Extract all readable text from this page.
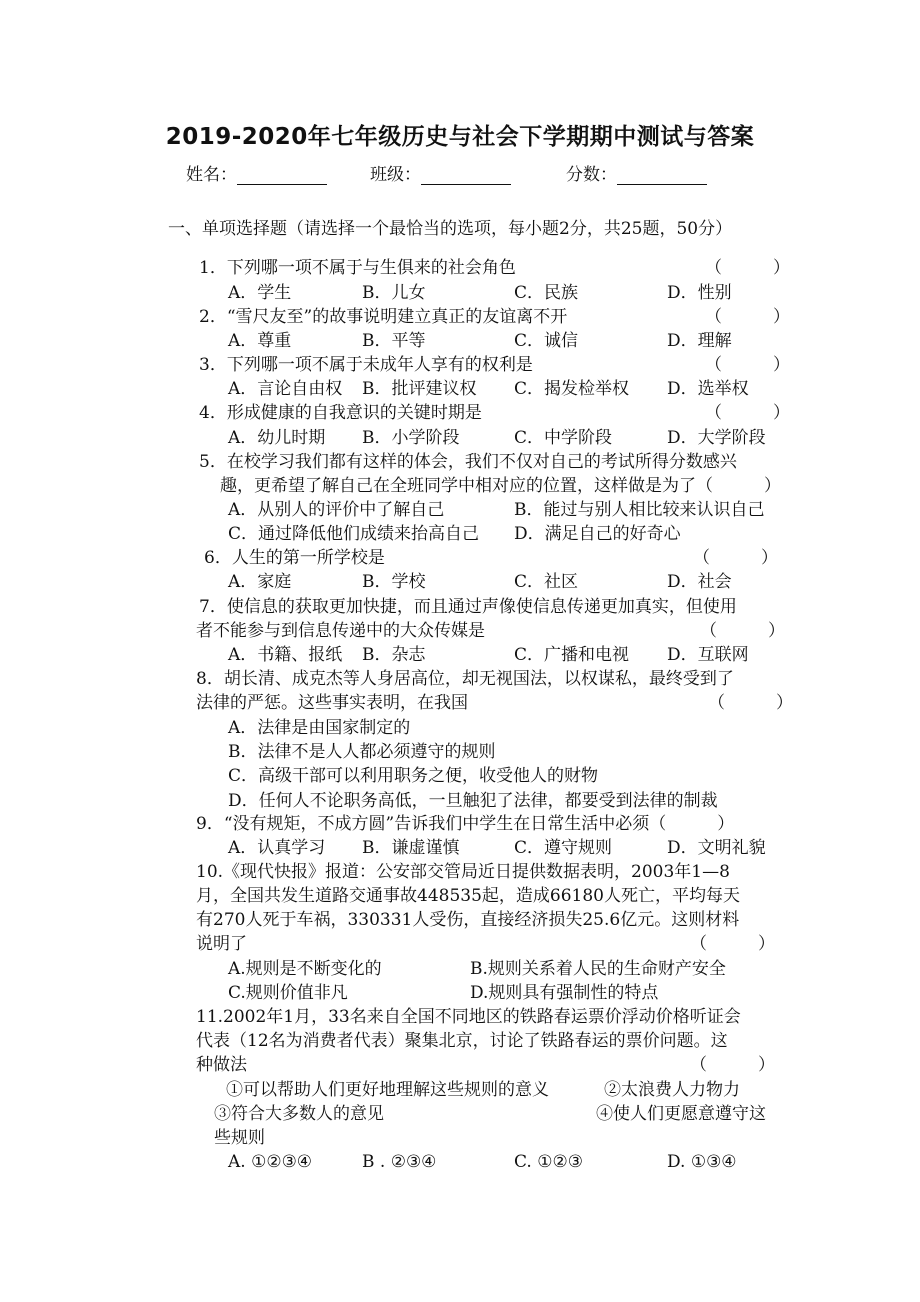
2019-2020年七年级历史与社会下学期期中测试与答案
姓名：	班级：	分数：
一、单项选择题（请选择一个最恰当的选项，每小题2分，共25题，50分）
1．下列哪一项不属于与生俱来的社会角色	（　　　）
A．学生	B．儿女	C．民族	D．性别
2．“雪尺友至”的故事说明建立真正的友谊离不开	（　　　）
A．尊重	B．平等	C．诚信	D．理解
3．下列哪一项不属于未成年人享有的权利是	（　　　）
A．言论自由权 B．批评建议权 C．揭发检举权 D．选举权
4．形成健康的自我意识的关键时期是	（　　　）
A．幼儿时期 B．小学阶段	C．中学阶段	D．大学阶段
5．在校学习我们都有这样的体会，我们不仅对自己的考试所得分数感兴
趣，更希望了解自己在全班同学中相对应的位置，这样做是为了（　　　）
A．从别人的评价中了解自己	B．能过与别人相比较来认识自己
C．通过降低他们成绩来抬高自己 D．满足自己的好奇心
6．人生的第一所学校是	（　　　）
A．家庭	B．学校	C．社区	D．社会
7．使信息的获取更加快捷，而且通过声像使信息传递更加真实，但使用
者不能参与到信息传递中的大众传媒是	（　　　）
A．书籍、报纸 B．杂志	C．广播和电视 D．互联网
8．胡长清、成克杰等人身居高位，却无视国法，以权谋私，最终受到了
法律的严惩。这些事实表明，在我国	（　　　）
A．法律是由国家制定的
B．法律不是人人都必须遵守的规则
C．高级干部可以利用职务之便，收受他人的财物
D．任何人不论职务高低，一旦触犯了法律，都要受到法律的制裁
9．“没有规矩，不成方圆”告诉我们中学生在日常生活中必须（　　　）
A．认真学习 B．谦虚谨慎	C．遵守规则	D．文明礼貌
10.《现代快报》报道：公安部交管局近日提供数据表明，2003年1—8
月，全国共发生道路交通事故448535起，造成66180人死亡，平均每天
有270人死于车祸，330331人受伤，直接经济损失25.6亿元。这则材料
说明了	（　　　）
A.规则是不断变化的	B.规则关系着人民的生命财产安全
C.规则价值非凡	D.规则具有强制性的特点
11.2002年1月，33名来自全国不同地区的铁路春运票价浮动价格听证会
代表（12名为消费者代表）聚集北京，讨论了铁路春运的票价问题。这
种做法	（　　　）
①可以帮助人们更好地理解这些规则的意义	②太浪费人力物力
③符合大多数人的意见	④使人们更愿意遵守这
些规则
A. ①②③④	B . ②③④	C. ①②③	D. ①③④
